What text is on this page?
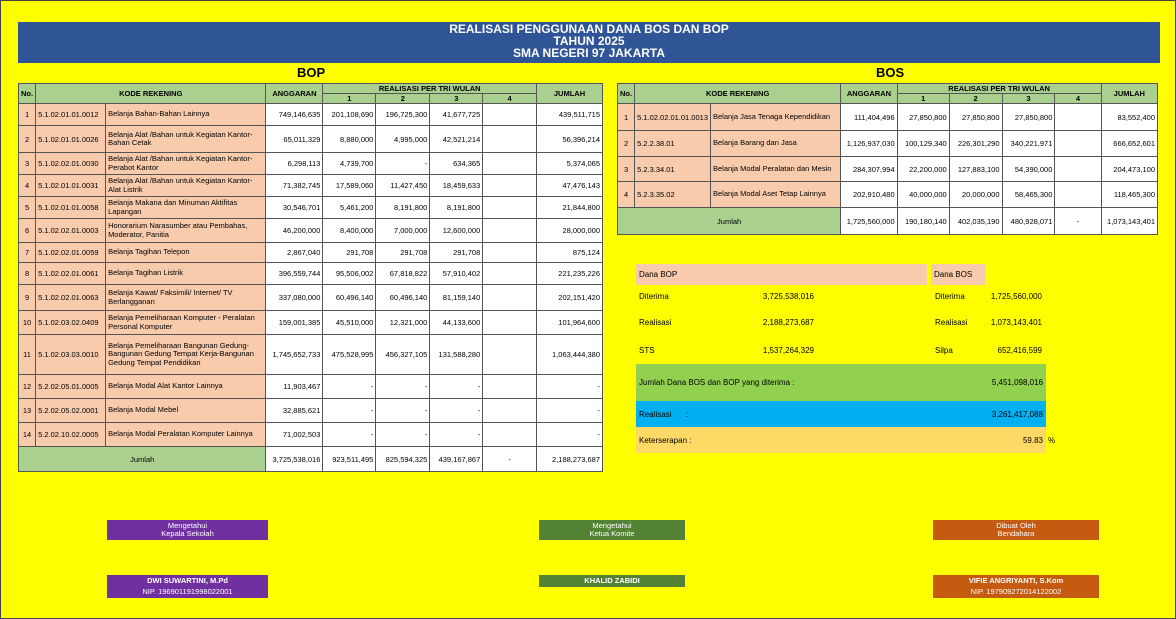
REALISASI PENGGUNAAN DANA BOS DAN BOP
TAHUN 2025
SMA NEGERI 97 JAKARTA
BOP	BOS
No.	KODE REKENING		ANGGARAN	REALISASI PER TRI WULAN				JUMLAH
				1	2	3	4	
1	5.1.02.01.01.0012	Belanja Bahan-Bahan Lainnya	749,146,635	201,108,690	196,725,300	41,677,725		439,511,715
2	5.1.02.01.01.0026	Belanja Alat /Bahan untuk Kegiatan Kantor-Bahan Cetak	65,011,329	8,880,000	4,995,000	42,521,214		56,396,214
3	5.1.02.02.01.0030	Belanja Alat /Bahan untuk Kegiatan Kantor-Perabot Kantor	6,298,113	4,739,700	-	634,365		5,374,065
4	5.1.02.01.01.0031	Belanja Alat /Bahan untuk Kegiatan Kantor-Alat Listrik	71,382,745	17,589,060	11,427,450	18,459,633		47,476,143
5	5.1.02.01.01.0058	Belanja Makana dan Minuman Aktifitas Lapangan	30,546,701	5,461,200	8,191,800	8,191,800		21,844,800
6	5.1.02.02.01.0003	Honorarium Narasumber atau Pembahas, Moderator, Panitia	46,200,000	8,400,000	7,000,000	12,600,000		28,000,000
7	5.1.02.02.01.0059	Belanja Tagihan Telepon	2,867,040	291,708	291,708	291,708		875,124
8	5.1.02.02.01.0061	Belanja Tagihan Listrik	396,559,744	95,506,002	67,818,822	57,910,402		221,235,226
9	5.1.02.02.01.0063	Belanja Kawat/ Faksimili/ Internet/ TV Berlangganan	337,080,000	60,496,140	60,496,140	81,159,140		202,151,420
10	5.1.02.03.02.0409	Belanja Pemeliharaan Komputer - Peralatan Personal Komputer	159,001,385	45,510,000	12,321,000	44,133,600		101,964,600
11	5.1.02.03.03.0010	Belanja Pemeliharaan Bangunan Gedung-Bangunan Gedung Tempat Kerja-Bangunan Gedung Tempat Pendidikan	1,745,652,733	475,528,995	456,327,105	131,588,280		1,063,444,380
12	5.2.02.05.01.0005	Belanja Modal Alat Kantor Lainnya	11,903,467	-	-	-		-
13	5.2.02.05.02.0001	Belanja Modal Mebel	32,885,621	-	-	-		-
14	5.2.02.10.02.0005	Belanja Modal Peralatan Komputer Lainnya	71,002,503	-	-	-		-
Jumlah			3,725,538,016	923,511,495	825,594,325	439,167,867	-	2,188,273,687
No.	KODE REKENING		ANGGARAN	REALISASI PER TRI WULAN				JUMLAH
				1	2	3	4	
1	5.1.02.02.01.01.0013	Belanja Jasa Tenaga Kependidikan	111,404,496	27,850,800	27,850,800	27,850,800		83,552,400
2	5.2.2.38.01	Belanja Barang dan Jasa	1,126,937,030	100,129,340	226,301,290	340,221,971		666,652,601
3	5.2.3.34.01	Belanja Modal Peralatan dan Mesin	284,307,994	22,200,000	127,883,100	54,390,000		204,473,100
4	5.2.3.35.02	Belanja Modal Aset Tetap Lainnya	202,910,480	40,000,000	20,000,000	58,465,300		118,465,300
Jumlah			1,725,560,000	190,180,140	402,035,190	480,928,071	-	1,073,143,401
Dana BOP	Dana BOS
Diterima	3,725,538,016	Diterima	1,725,560,000
Realisasi	2,188,273,687	Realisasi	1,073,143,401
STS	1,537,264,329	Silpa	652,416,599
Jumlah Dana BOS dan BOP yang diterima :	5,451,098,016
Realisasi :	3,261,417,088
Keterserapan :	59.83 %
Mengetahui
Kepala Sekolah
DWI SUWARTINI, M.Pd
NIP. 196901191998022001
Mengetahui
Ketua Komite
KHALID ZABIDI
Dibuat Oleh
Bendahara
VIFIE ANGRIYANTI, S.Kom
NIP. 197909272014122002
